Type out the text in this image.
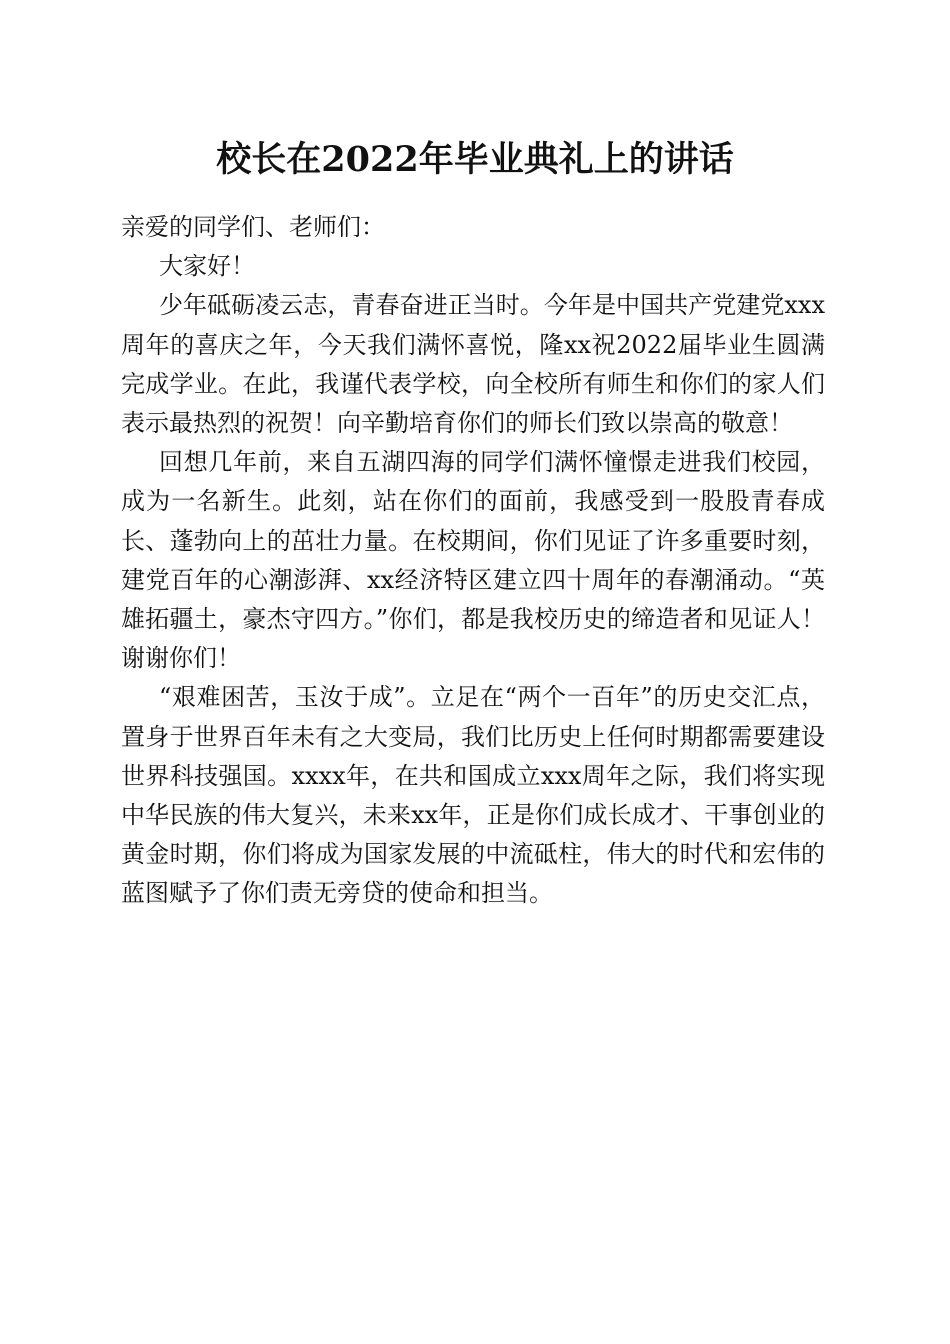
校长在2022年毕业典礼上的讲话

亲爱的同学们、老师们：

大家好！

少年砥砺凌云志，青春奋进正当时。今年是中国共产党建党xxx周年的喜庆之年，今天我们满怀喜悦，隆xx祝2022届毕业生圆满完成学业。在此，我谨代表学校，向全校所有师生和你们的家人们表示最热烈的祝贺！向辛勤培育你们的师长们致以崇高的敬意！

回想几年前，来自五湖四海的同学们满怀憧憬走进我们校园，成为一名新生。此刻，站在你们的面前，我感受到一股股青春成长、蓬勃向上的茁壮力量。在校期间，你们见证了许多重要时刻，建党百年的心潮澎湃、xx经济特区建立四十周年的春潮涌动。“英雄拓疆土，豪杰守四方。”你们，都是我校历史的缔造者和见证人！谢谢你们！

“艰难困苦，玉汝于成”。立足在“两个一百年”的历史交汇点，置身于世界百年未有之大变局，我们比历史上任何时期都需要建设世界科技强国。xxxx年，在共和国成立xxx周年之际，我们将实现中华民族的伟大复兴，未来xx年，正是你们成长成才、干事创业的黄金时期，你们将成为国家发展的中流砥柱，伟大的时代和宏伟的蓝图赋予了你们责无旁贷的使命和担当。
